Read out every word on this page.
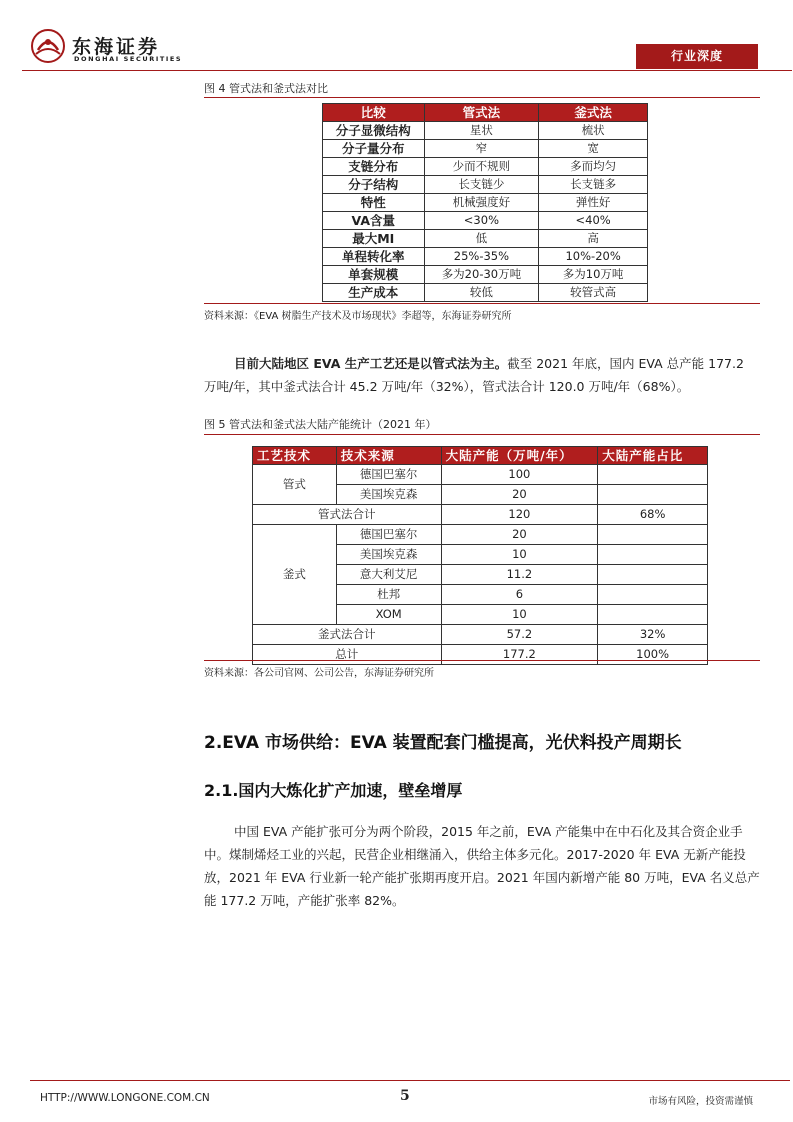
东海证券
DONGHAI SECURITIES	行业深度
图 4 管式法和釜式法对比
比较	管式法	釜式法
分子显微结构	星状	梳状
分子量分布	窄	宽
支链分布	少而不规则	多而均匀
分子结构	长支链少	长支链多
特性	机械强度好	弹性好
VA含量	<30%	<40%
最大MI	低	高
单程转化率	25%-35%	10%-20%
单套规模	多为20-30万吨	多为10万吨
生产成本	较低	较管式高
资料来源：《EVA 树脂生产技术及市场现状》李超等，东海证券研究所
目前大陆地区 EVA 生产工艺还是以管式法为主。截至 2021 年底，国内 EVA 总产能 177.2 万吨/年，其中釜式法合计 45.2 万吨/年（32%），管式法合计 120.0 万吨/年（68%）。
图 5 管式法和釜式法大陆产能统计（2021 年）
工艺技术	技术来源	大陆产能（万吨/年）	大陆产能占比
管式	德国巴塞尔	100	
	美国埃克森	20	
管式法合计		120	68%
釜式	德国巴塞尔	20	
	美国埃克森	10	
	意大利艾尼	11.2	
	杜邦	6	
	XOM	10	
釜式法合计		57.2	32%
总计		177.2	100%
资料来源：各公司官网、公司公告，东海证券研究所
2.EVA 市场供给：EVA 装置配套门槛提高，光伏料投产周期长
2.1.国内大炼化扩产加速，壁垒增厚
中国 EVA 产能扩张可分为两个阶段，2015 年之前，EVA 产能集中在中石化及其合资企业手中。煤制烯烃工业的兴起，民营企业相继涌入，供给主体多元化。2017-2020 年 EVA 无新产能投放，2021 年 EVA 行业新一轮产能扩张期再度开启。2021 年国内新增产能 80 万吨，EVA 名义总产能 177.2 万吨，产能扩张率 82%。
HTTP://WWW.LONGONE.COM.CN	5	市场有风险，投资需谨慎
